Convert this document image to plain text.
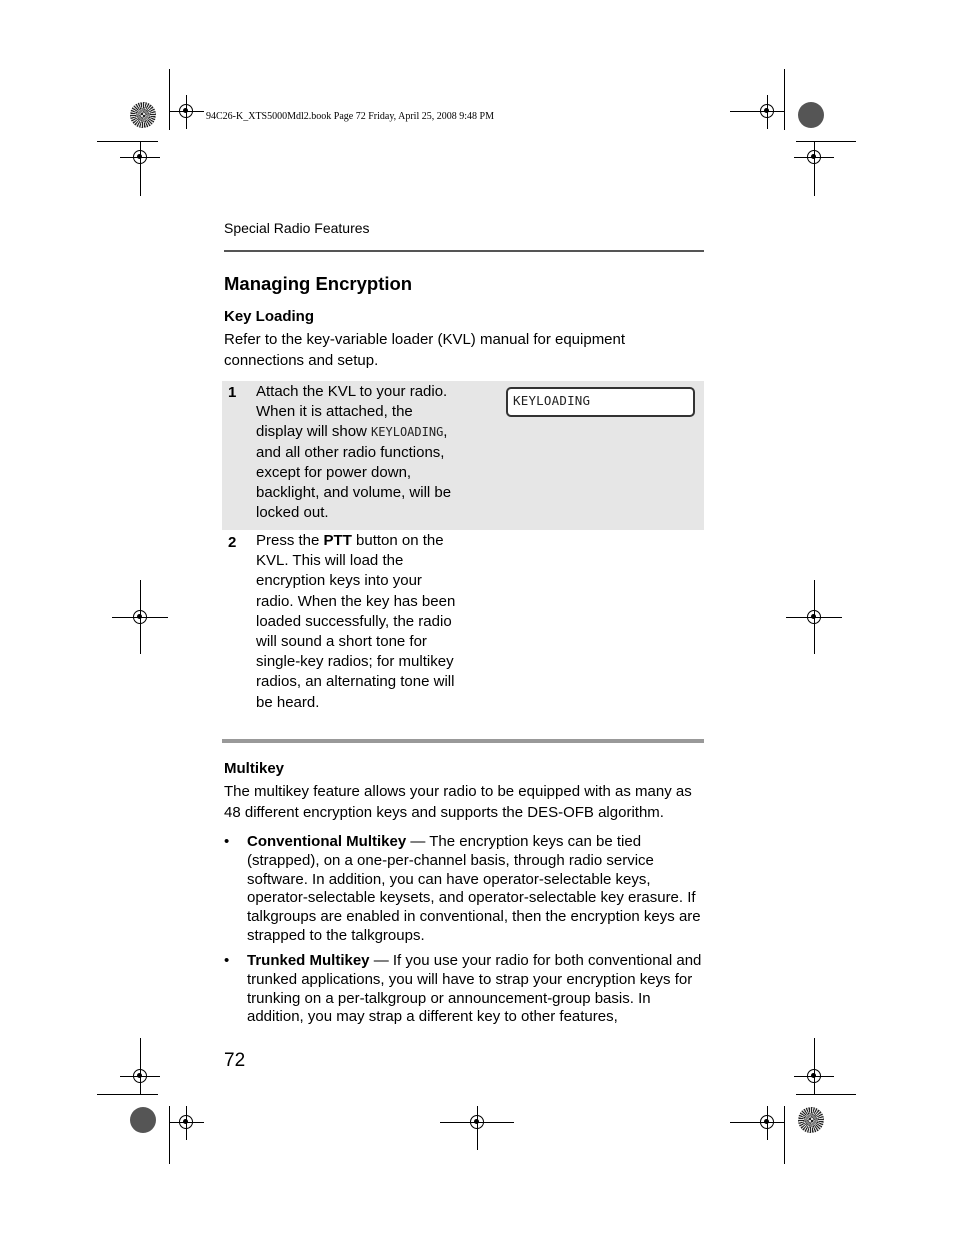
94C26-K_XTS5000Mdl2.book Page 72 Friday, April 25, 2008 9:48 PM
Special Radio Features
Managing Encryption
Key Loading
Refer to the key-variable loader (KVL) manual for equipment connections and setup.
1 Attach the KVL to your radio. When it is attached, the display will show KEYLOADING, and all other radio functions, except for power down, backlight, and volume, will be locked out.
KEYLOADING
2 Press the PTT button on the KVL. This will load the encryption keys into your radio. When the key has been loaded successfully, the radio will sound a short tone for single-key radios; for multikey radios, an alternating tone will be heard.
Multikey
The multikey feature allows your radio to be equipped with as many as 48 different encryption keys and supports the DES-OFB algorithm.
• Conventional Multikey — The encryption keys can be tied (strapped), on a one-per-channel basis, through radio service software. In addition, you can have operator-selectable keys, operator-selectable keysets, and operator-selectable key erasure. If talkgroups are enabled in conventional, then the encryption keys are strapped to the talkgroups.
• Trunked Multikey — If you use your radio for both conventional and trunked applications, you will have to strap your encryption keys for trunking on a per-talkgroup or announcement-group basis. In addition, you may strap a different key to other features,
72
